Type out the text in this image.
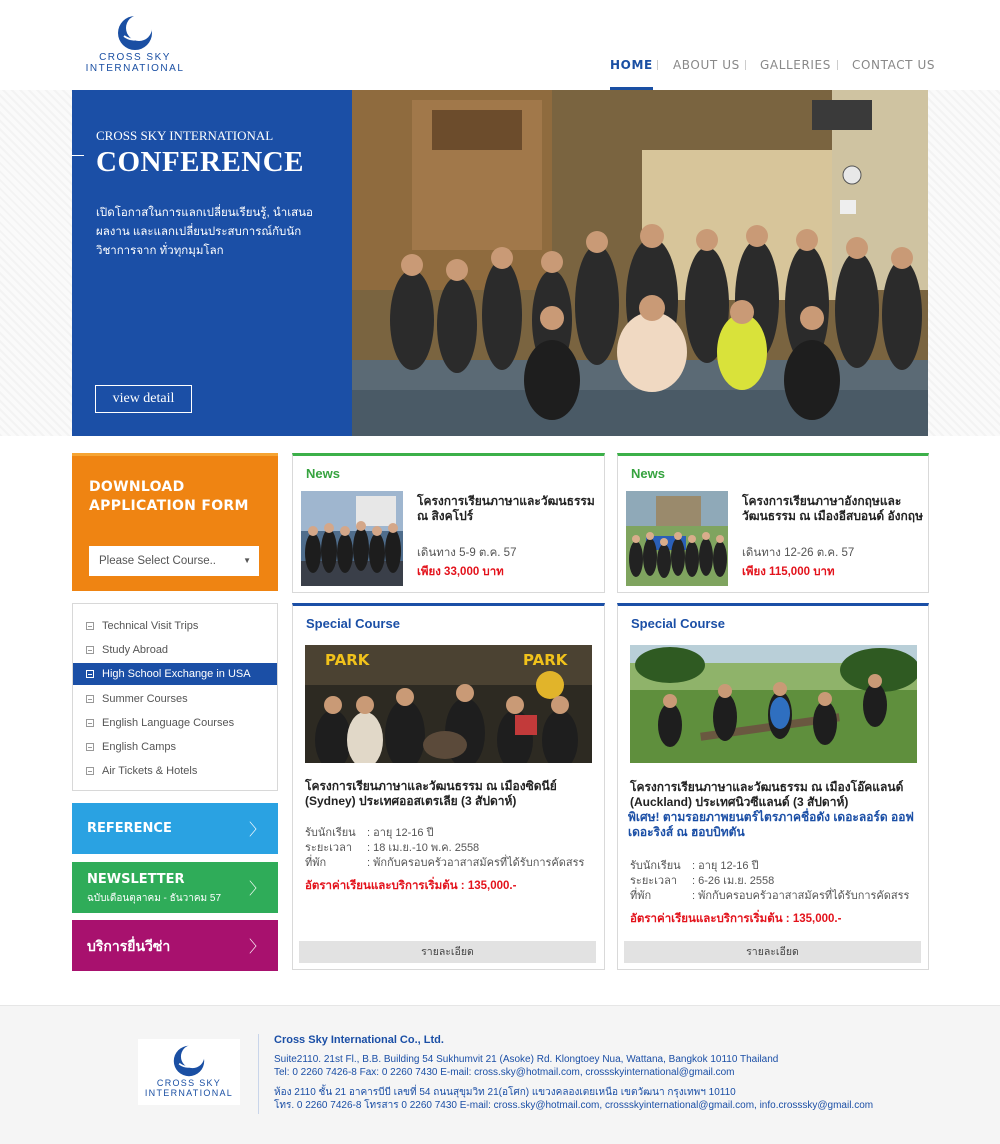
CROSS SKY
INTERNATIONAL	HOME ABOUT US GALLERIES CONTACT US
CROSS SKY INTERNATIONAL
CONFERENCE
เปิดโอกาสในการแลกเปลี่ยนเรียนรู้, นำเสนอผลงาน และแลกเปลี่ยนประสบการณ์กับนักวิชาการจาก ทั่วทุกมุมโลก
view detail
DOWNLOAD
APPLICATION FORM
Please Select Course..	▼
Technical Visit Trips
Study Abroad
High School Exchange in USA
Summer Courses
English Language Courses
English Camps
Air Tickets & Hotels
REFERENCE	〉
NEWSLETTER
ฉบับเดือนตุลาคม - ธันวาคม 57
〉
บริการยื่นวีซ่า	〉
News
โครงการเรียนภาษาและวัฒนธรรม ณ สิงคโปร์
เดินทาง 5-9 ต.ค. 57
เพียง 33,000 บาท
News
โครงการเรียนภาษาอังกฤษและวัฒนธรรม ณ เมืองอีสบอนด์ อังกฤษ
เดินทาง 12-26 ต.ค. 57
เพียง 115,000 บาท
Special Course
PARK	PARK
โครงการเรียนภาษาและวัฒนธรรม ณ เมืองซิดนีย์ (Sydney) ประเทศออสเตรเลีย (3 สัปดาห์)
รับนักเรียน : อายุ 12-16 ปี
ระยะเวลา : 18 เม.ย.-10 พ.ค. 2558
ที่พัก	: พักกับครอบครัวอาสาสมัครที่ได้รับการคัดสรร
อัตราค่าเรียนและบริการเริ่มต้น : 135,000.-
รายละเอียด
Special Course
โครงการเรียนภาษาและวัฒนธรรม ณ เมืองโอ๊คแลนด์ (Auckland) ประเทศนิวซีแลนด์ (3 สัปดาห์)
พิเศษ! ตามรอยภาพยนตร์ไตรภาคชื่อดัง เดอะลอร์ด ออฟเดอะริงส์ ณ ฮอบบิทตัน
รับนักเรียน : อายุ 12-16 ปี
ระยะเวลา : 6-26 เม.ย. 2558
ที่พัก	: พักกับครอบครัวอาสาสมัครที่ได้รับการคัดสรร
อัตราค่าเรียนและบริการเริ่มต้น : 135,000.-
รายละเอียด
CROSS SKY
INTERNATIONAL
Cross Sky International Co., Ltd.
Suite2110. 21st Fl., B.B. Building 54 Sukhumvit 21 (Asoke) Rd. Klongtoey Nua, Wattana, Bangkok 10110 Thailand
Tel: 0 2260 7426-8 Fax: 0 2260 7430 E-mail: cross.sky@hotmail.com, crossskyinternational@gmail.com
ห้อง 2110 ชั้น 21 อาคารบีบี เลขที่ 54 ถนนสุขุมวิท 21(อโศก) แขวงคลองเตยเหนือ เขตวัฒนา กรุงเทพฯ 10110
โทร. 0 2260 7426-8 โทรสาร 0 2260 7430 E-mail: cross.sky@hotmail.com, crossskyinternational@gmail.com, info.crosssky@gmail.com
